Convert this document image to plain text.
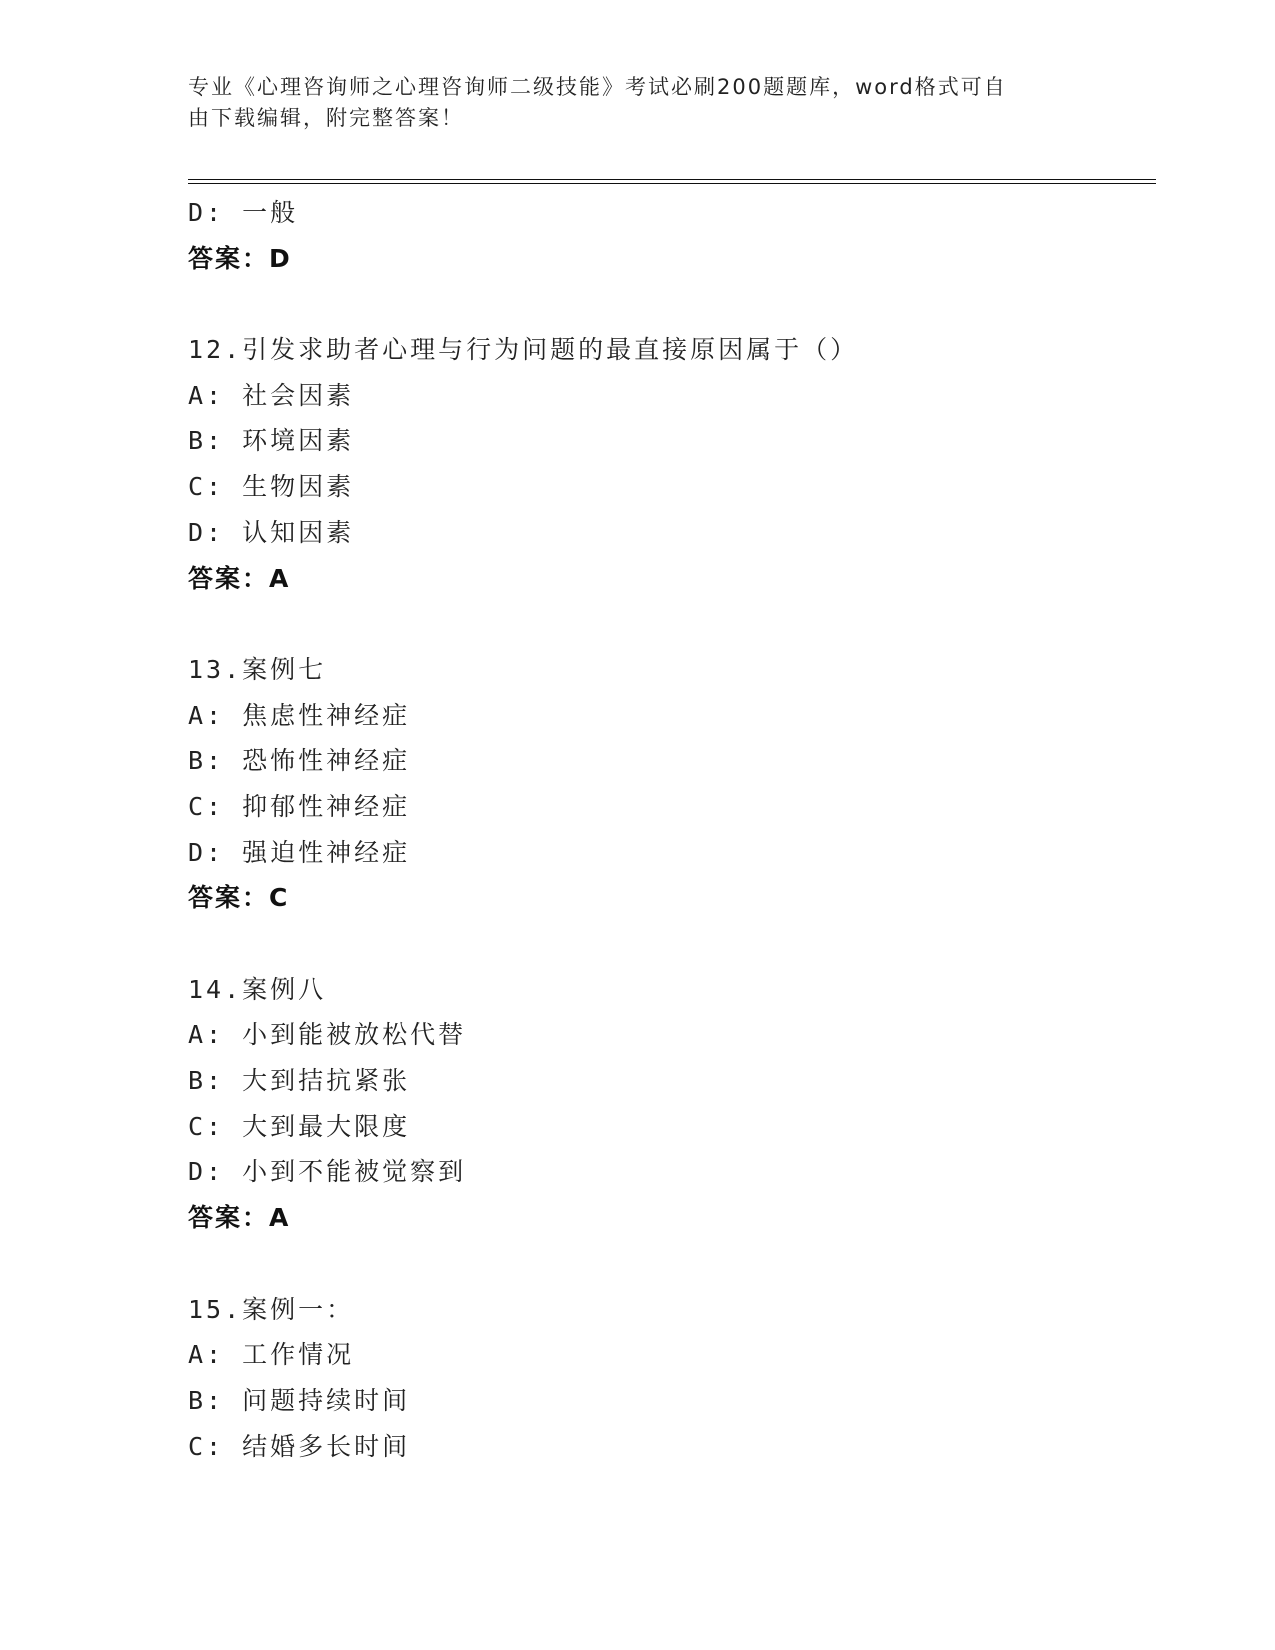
专业《心理咨询师之心理咨询师二级技能》考试必刷200题题库，word格式可自
由下载编辑，附完整答案！
D: 一般
答案：D
12.引发求助者心理与行为问题的最直接原因属于（）
A: 社会因素
B: 环境因素
C: 生物因素
D: 认知因素
答案：A
13.案例七
A: 焦虑性神经症
B: 恐怖性神经症
C: 抑郁性神经症
D: 强迫性神经症
答案：C
14.案例八
A: 小到能被放松代替
B: 大到拮抗紧张
C: 大到最大限度
D: 小到不能被觉察到
答案：A
15.案例一：
A: 工作情况
B: 问题持续时间
C: 结婚多长时间
